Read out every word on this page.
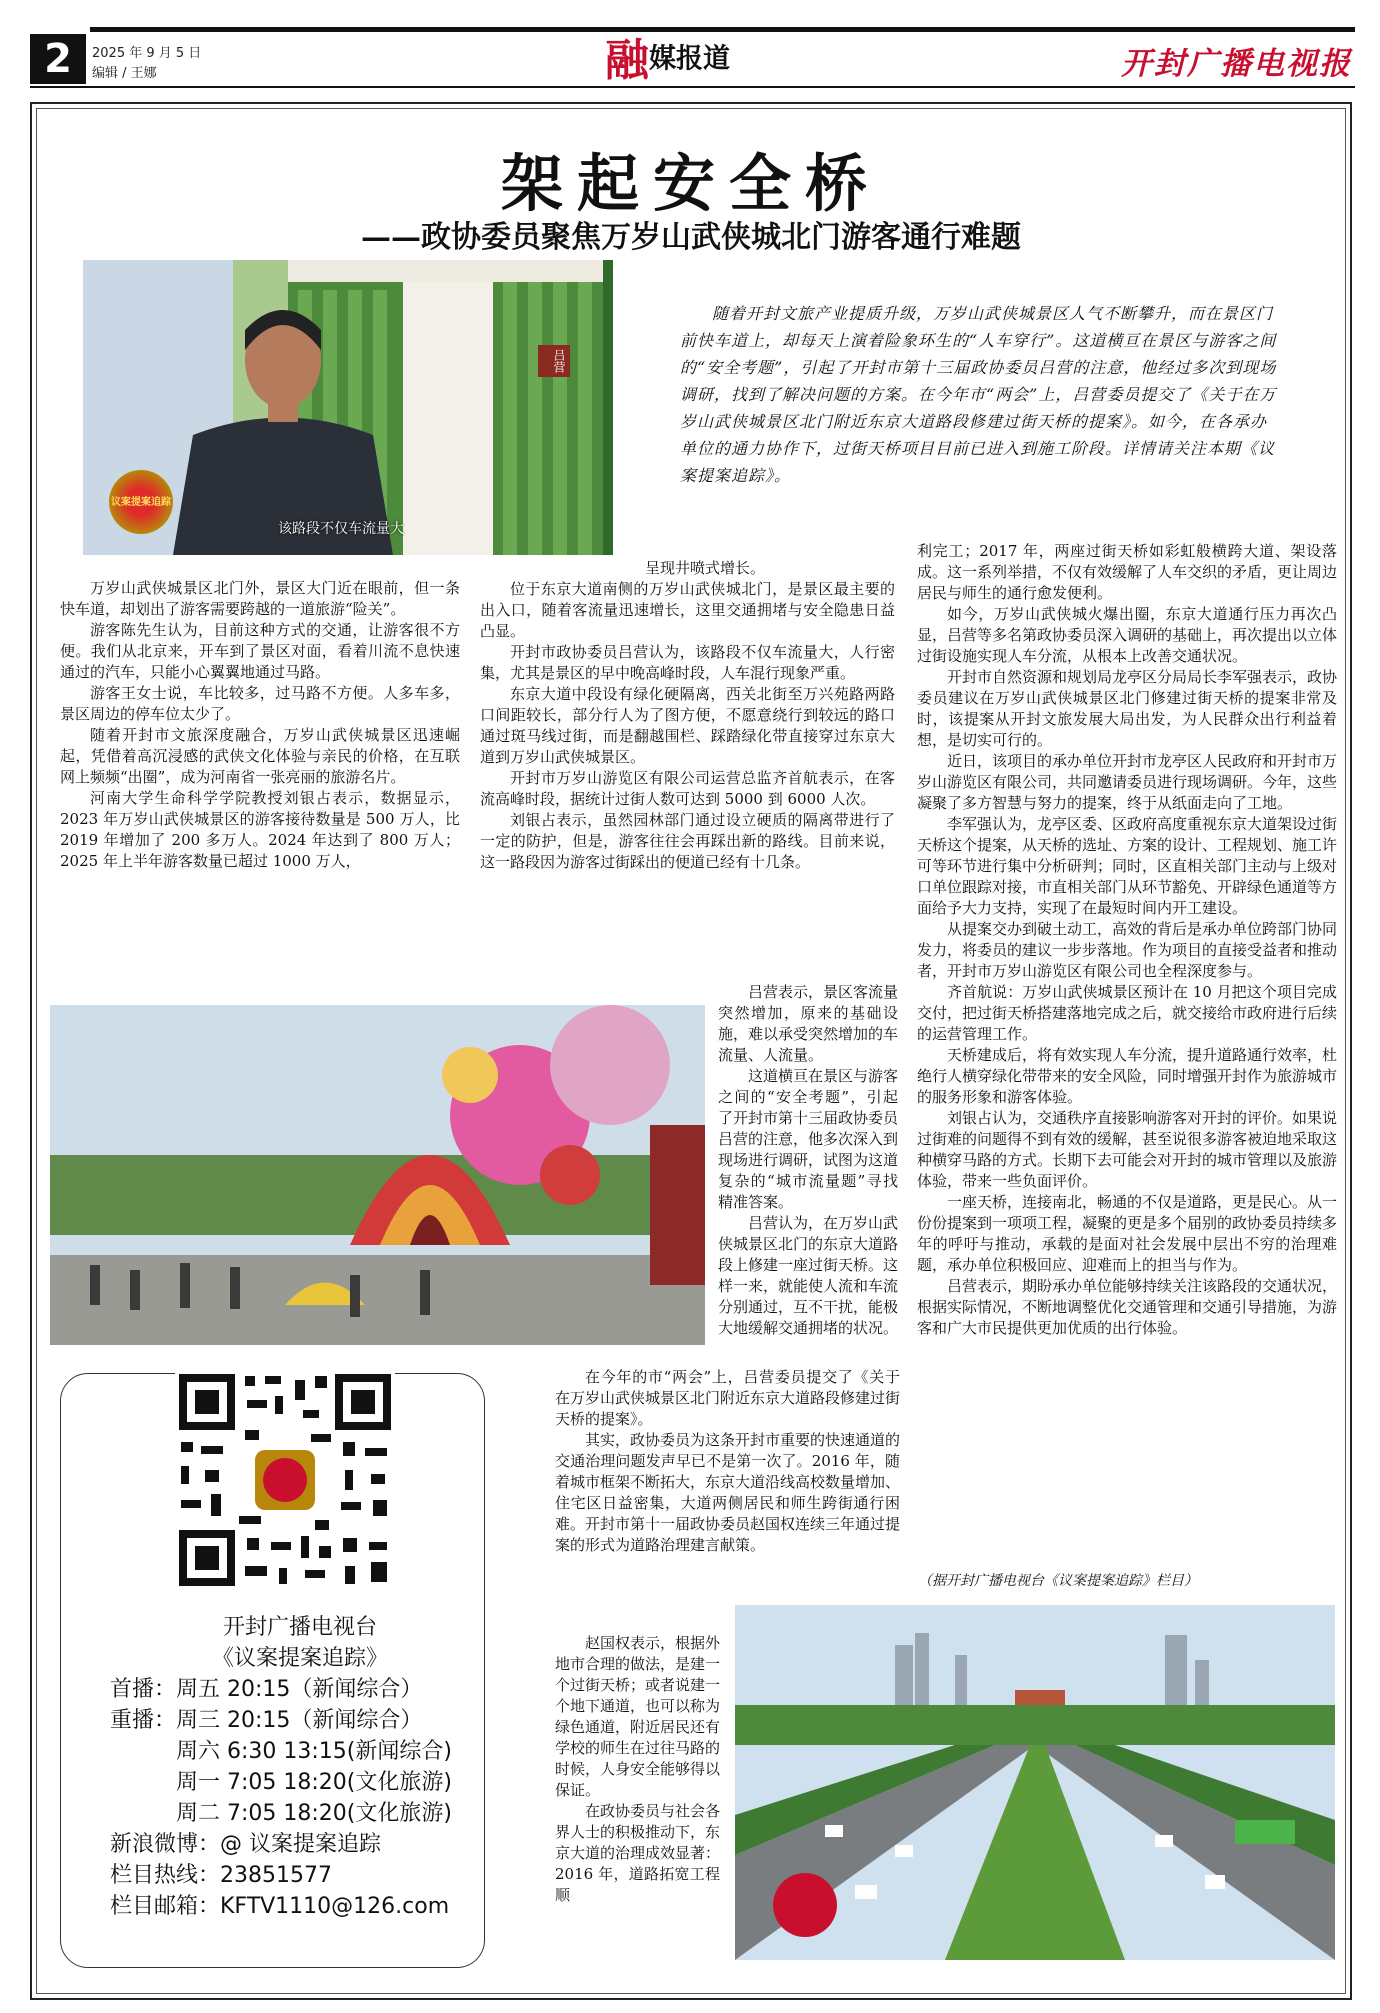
2	2025 年 9 月 5 日
编辑 / 王娜	融媒报道	开封广播电视报
架起安全桥
——政协委员聚焦万岁山武侠城北门游客通行难题
吕营
议案提案追踪
该路段不仅车流量大

随着开封文旅产业提质升级，万岁山武侠城景区人气不断攀升，而在景区门前快车道上，却每天上演着险象环生的“人车穿行”。这道横亘在景区与游客之间的“安全考题”，引起了开封市第十三届政协委员吕营的注意，他经过多次到现场调研，找到了解决问题的方案。在今年市“两会”上，吕营委员提交了《关于在万岁山武侠城景区北门附近东京大道路段修建过街天桥的提案》。如今，在各承办单位的通力协作下，过街天桥项目目前已进入到施工阶段。详情请关注本期《议案提案追踪》。

万岁山武侠城景区北门外，景区大门近在眼前，但一条快车道，却划出了游客需要跨越的一道旅游“险关”。

游客陈先生认为，目前这种方式的交通，让游客很不方便。我们从北京来，开车到了景区对面，看着川流不息快速通过的汽车，只能小心翼翼地通过马路。

游客王女士说，车比较多，过马路不方便。人多车多，景区周边的停车位太少了。

随着开封市文旅深度融合，万岁山武侠城景区迅速崛起，凭借着高沉浸感的武侠文化体验与亲民的价格，在互联网上频频“出圈”，成为河南省一张亮丽的旅游名片。

河南大学生命科学学院教授刘银占表示，数据显示，2023 年万岁山武侠城景区的游客接待数量是 500 万人，比 2019 年增加了 200 多万人。2024 年达到了 800 万人；2025 年上半年游客数量已超过 1000 万人，

呈现井喷式增长。

位于东京大道南侧的万岁山武侠城北门，是景区最主要的出入口，随着客流量迅速增长，这里交通拥堵与安全隐患日益凸显。

开封市政协委员吕营认为，该路段不仅车流量大，人行密集，尤其是景区的早中晚高峰时段，人车混行现象严重。

东京大道中段设有绿化硬隔离，西关北街至万兴苑路两路口间距较长，部分行人为了图方便，不愿意绕行到较远的路口通过斑马线过街，而是翻越围栏、踩踏绿化带直接穿过东京大道到万岁山武侠城景区。

开封市万岁山游览区有限公司运营总监齐首航表示，在客流高峰时段，据统计过街人数可达到 5000 到 6000 人次。

刘银占表示，虽然园林部门通过设立硬质的隔离带进行了一定的防护，但是，游客往往会再踩出新的路线。目前来说，这一路段因为游客过街踩出的便道已经有十几条。

吕营表示，景区客流量突然增加，原来的基础设施，难以承受突然增加的车流量、人流量。

这道横亘在景区与游客之间的“安全考题”，引起了开封市第十三届政协委员吕营的注意，他多次深入到现场进行调研，试图为这道复杂的“城市流量题”寻找精准答案。

吕营认为，在万岁山武侠城景区北门的东京大道路段上修建一座过街天桥。这样一来，就能使人流和车流分别通过，互不干扰，能极大地缓解交通拥堵的状况。

开封广播电视台
《议案提案追踪》
首播：周五 20:15（新闻综合）
重播：周三 20:15（新闻综合）
周六 6:30 13:15(新闻综合)
周一 7:05 18:20(文化旅游)
周二 7:05 18:20(文化旅游)
新浪微博：@ 议案提案追踪
栏目热线：23851577
栏目邮箱：KFTV1110@126.com

在今年的市“两会”上，吕营委员提交了《关于在万岁山武侠城景区北门附近东京大道路段修建过街天桥的提案》。

其实，政协委员为这条开封市重要的快速通道的交通治理问题发声早已不是第一次了。2016 年，随着城市框架不断拓大，东京大道沿线高校数量增加、住宅区日益密集，大道两侧居民和师生跨街通行困难。开封市第十一届政协委员赵国权连续三年通过提案的形式为道路治理建言献策。

赵国权表示，根据外地市合理的做法，是建一个过街天桥；或者说建一个地下通道，也可以称为绿色通道，附近居民还有学校的师生在过往马路的时候，人身安全能够得以保证。

在政协委员与社会各界人士的积极推动下，东京大道的治理成效显著：2016 年，道路拓宽工程顺

利完工；2017 年，两座过街天桥如彩虹般横跨大道、架设落成。这一系列举措，不仅有效缓解了人车交织的矛盾，更让周边居民与师生的通行愈发便利。

如今，万岁山武侠城火爆出圈，东京大道通行压力再次凸显，吕营等多名第政协委员深入调研的基础上，再次提出以立体过街设施实现人车分流，从根本上改善交通状况。

开封市自然资源和规划局龙亭区分局局长李军强表示，政协委员建议在万岁山武侠城景区北门修建过街天桥的提案非常及时，该提案从开封文旅发展大局出发，为人民群众出行利益着想，是切实可行的。

近日，该项目的承办单位开封市龙亭区人民政府和开封市万岁山游览区有限公司，共同邀请委员进行现场调研。今年，这些凝聚了多方智慧与努力的提案，终于从纸面走向了工地。

李军强认为，龙亭区委、区政府高度重视东京大道架设过街天桥这个提案，从天桥的选址、方案的设计、工程规划、施工许可等环节进行集中分析研判；同时，区直相关部门主动与上级对口单位跟踪对接，市直相关部门从环节豁免、开辟绿色通道等方面给予大力支持，实现了在最短时间内开工建设。

从提案交办到破土动工，高效的背后是承办单位跨部门协同发力，将委员的建议一步步落地。作为项目的直接受益者和推动者，开封市万岁山游览区有限公司也全程深度参与。

齐首航说：万岁山武侠城景区预计在 10 月把这个项目完成交付，把过街天桥搭建落地完成之后，就交接给市政府进行后续的运营管理工作。

天桥建成后，将有效实现人车分流，提升道路通行效率，杜绝行人横穿绿化带带来的安全风险，同时增强开封作为旅游城市的服务形象和游客体验。

刘银占认为，交通秩序直接影响游客对开封的评价。如果说过街难的问题得不到有效的缓解，甚至说很多游客被迫地采取这种横穿马路的方式。长期下去可能会对开封的城市管理以及旅游体验，带来一些负面评价。

一座天桥，连接南北，畅通的不仅是道路，更是民心。从一份份提案到一项项工程，凝聚的更是多个届别的政协委员持续多年的呼吁与推动，承载的是面对社会发展中层出不穷的治理难题，承办单位积极回应、迎难而上的担当与作为。

吕营表示，期盼承办单位能够持续关注该路段的交通状况，根据实际情况，不断地调整优化交通管理和交通引导措施，为游客和广大市民提供更加优质的出行体验。

（据开封广播电视台《议案提案追踪》栏目）
